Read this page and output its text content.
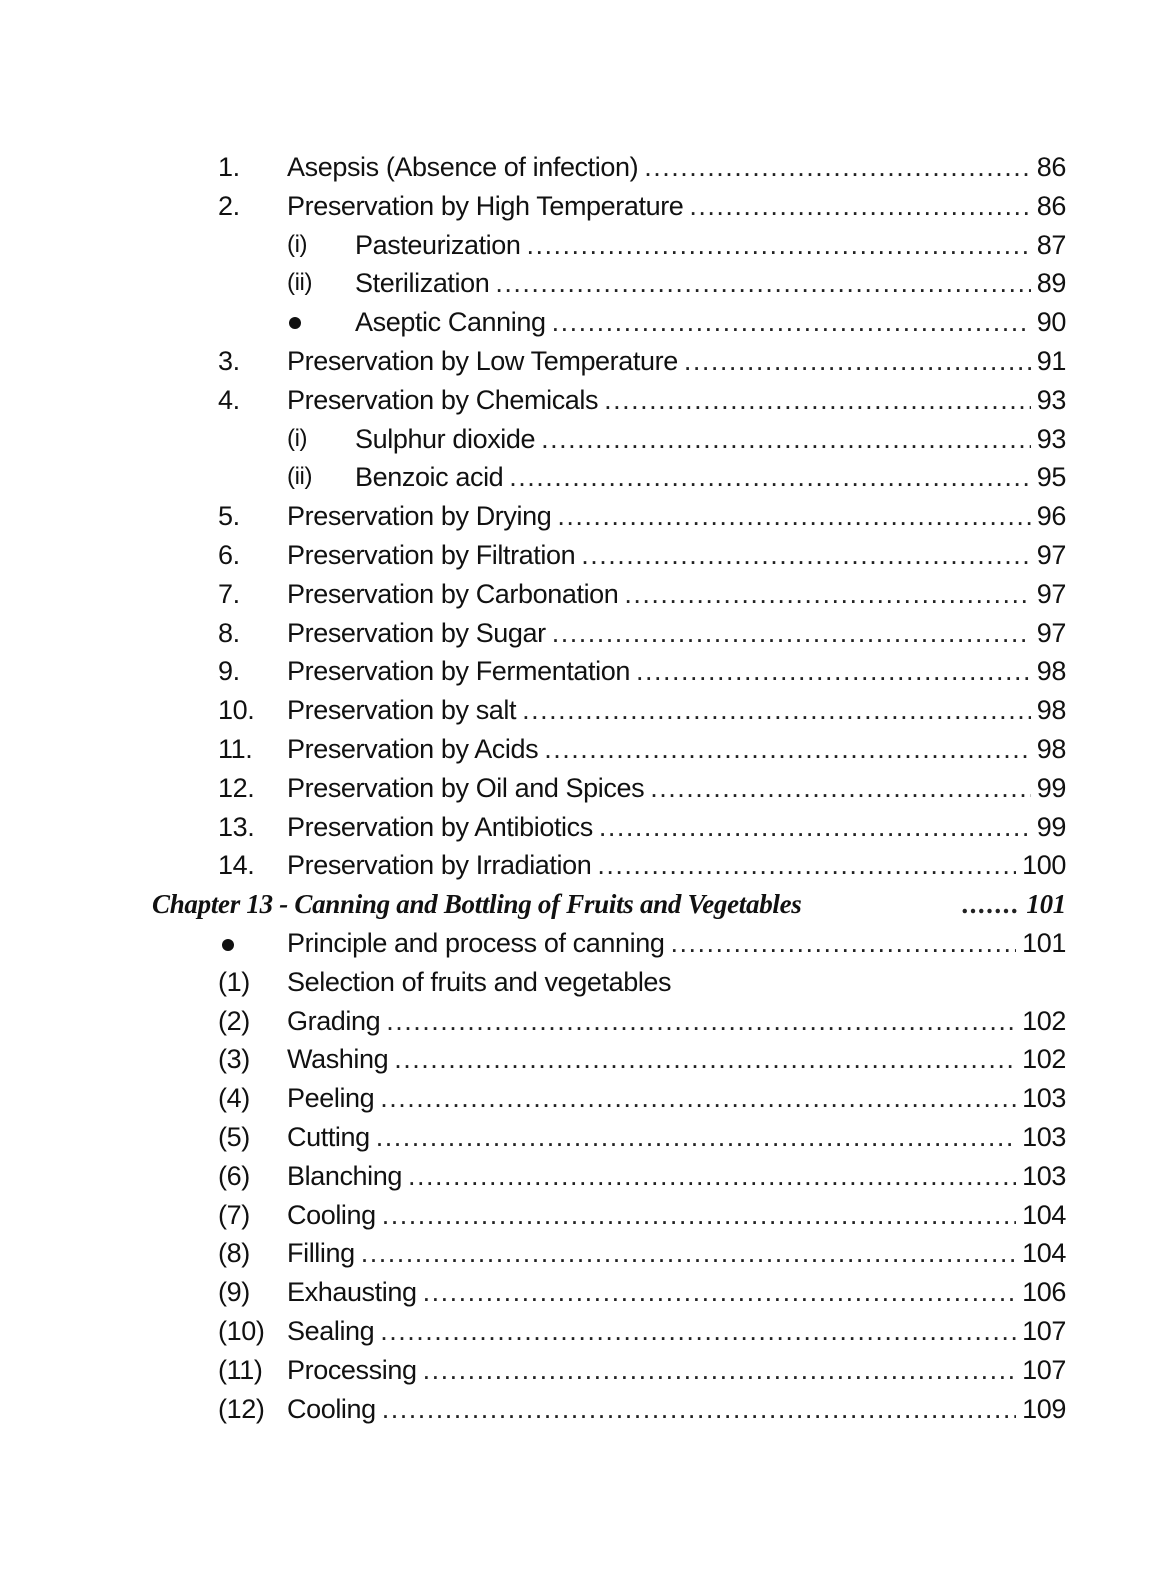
1. Asepsis (Absence of infection) .....	86
2. Preservation by High Temperature .....	86
(i) Pasteurization .....	87
(ii) Sterilization .....	89
Aseptic Canning .....	90
3. Preservation by Low Temperature .....	91
4. Preservation by Chemicals .....	93
(i) Sulphur dioxide .....	93
(ii) Benzoic acid .....	95
5. Preservation by Drying .....	96
6. Preservation by Filtration .....	97
7. Preservation by Carbonation .....	97
8. Preservation by Sugar .....	97
9. Preservation by Fermentation .....	98
10. Preservation by salt .....	98
11. Preservation by Acids .....	98
12. Preservation by Oil and Spices .....	99
13. Preservation by Antibiotics .....	99
14. Preservation by Irradiation .....	100
Chapter 13 - Canning and Bottling of Fruits and Vegetables .....	101
Principle and process of canning .....	101
(1) Selection of fruits and vegetables
(2) Grading .....	102
(3) Washing .....	102
(4) Peeling .....	103
(5) Cutting .....	103
(6) Blanching .....	103
(7) Cooling .....	104
(8) Filling .....	104
(9) Exhausting .....	106
(10) Sealing .....	107
(11) Processing .....	107
(12) Cooling .....	109
